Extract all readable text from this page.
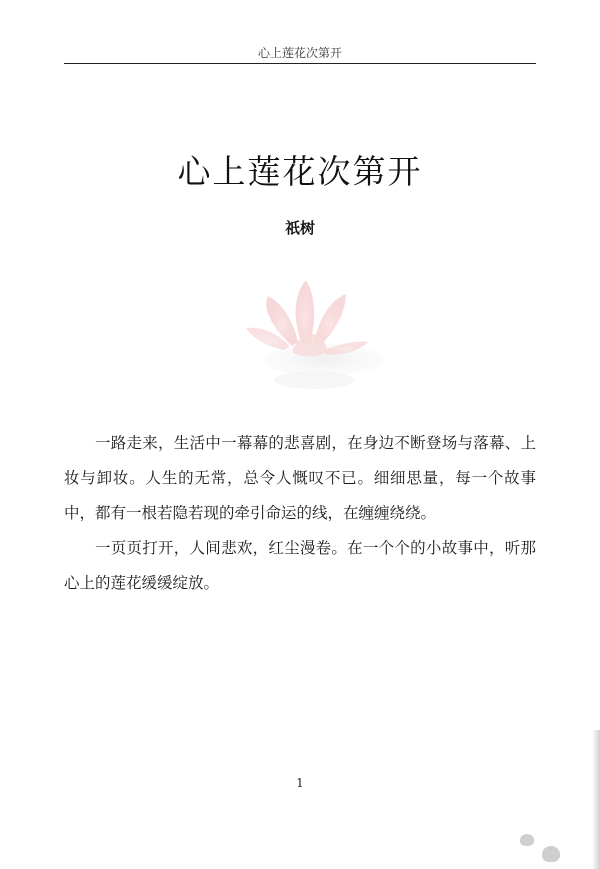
心上莲花次第开
心上莲花次第开
祇树

一路走来，生活中一幕幕的悲喜剧，在身边不断登场与落幕、上妆与卸妆。人生的无常，总令人慨叹不已。细细思量，每一个故事中，都有一根若隐若现的牵引命运的线，在缠缠绕绕。

一页页打开，人间悲欢，红尘漫卷。在一个个的小故事中，听那心上的莲花缓缓绽放。

1
